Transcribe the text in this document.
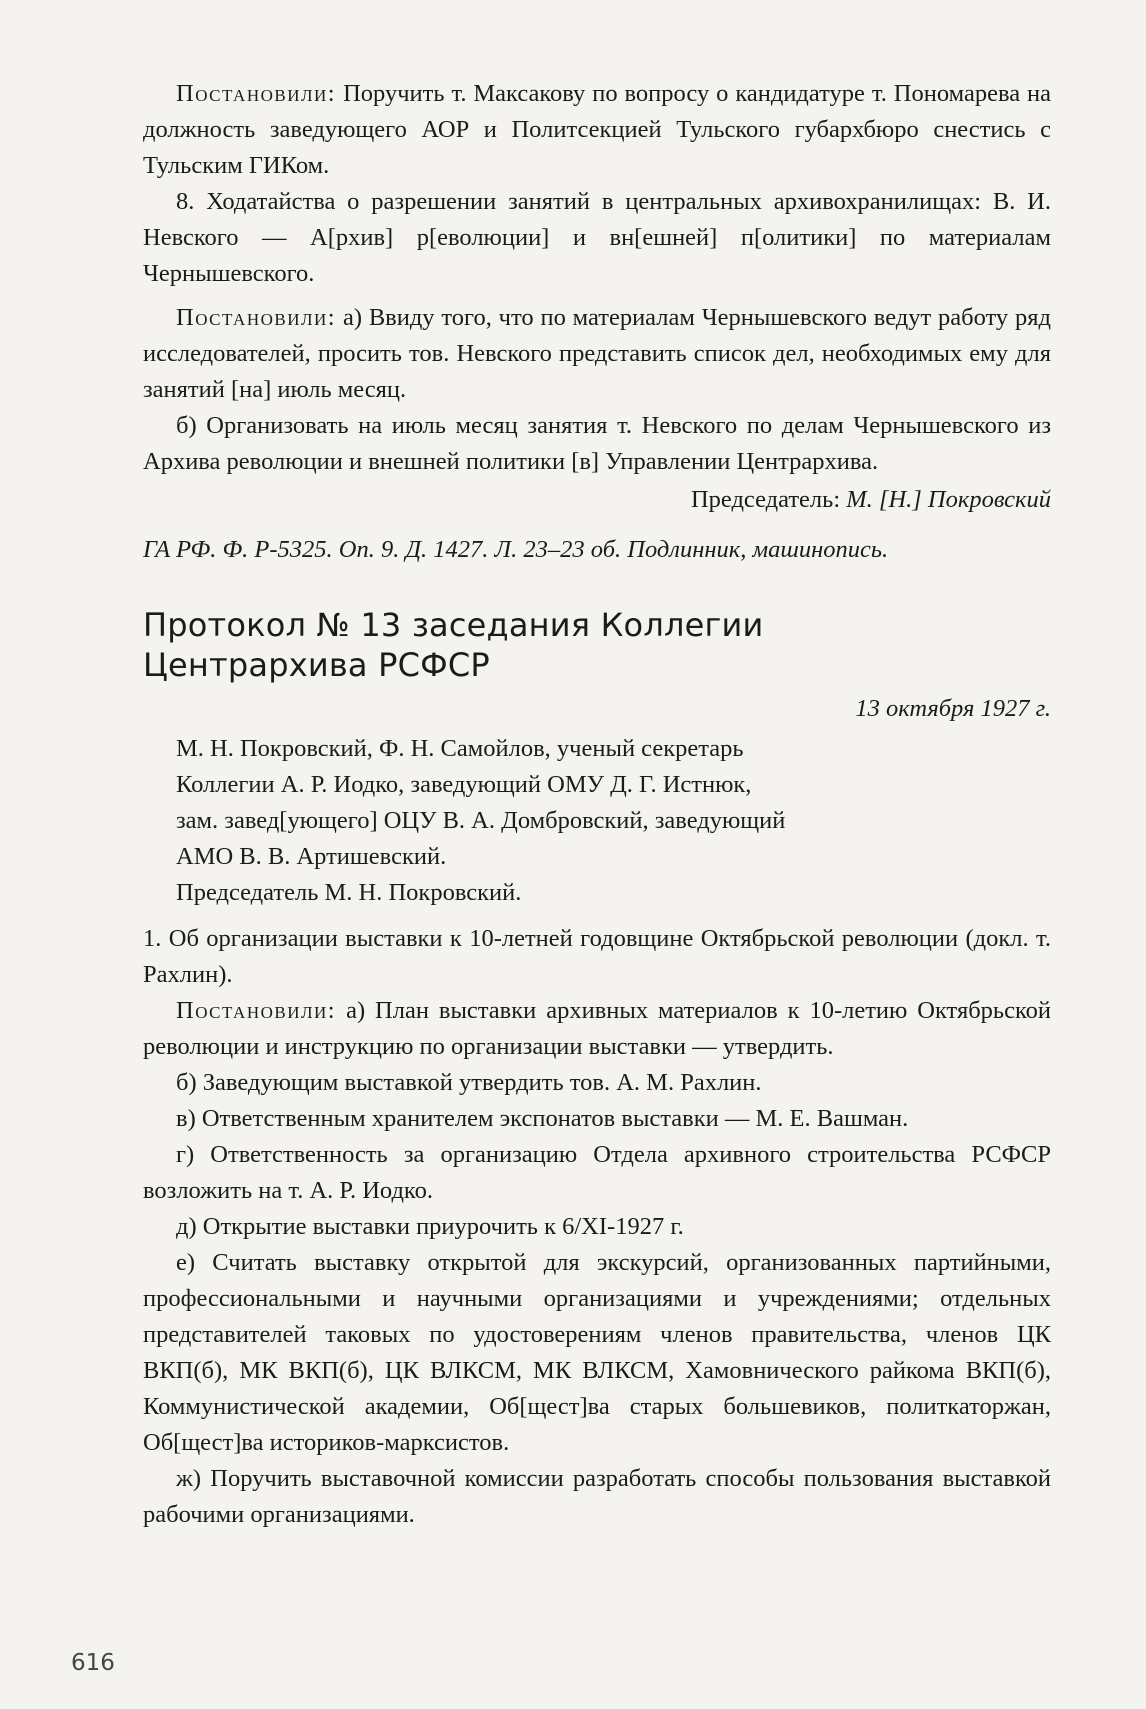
Постановили: Поручить т. Максакову по вопросу о кандидатуре т. Пономарева на должность заведующего АОР и Политсекцией Тульского губархбюро снестись с Тульским ГИКом.

8. Ходатайства о разрешении занятий в центральных архивохранилищах: В. И. Невского — А[рхив] р[еволюции] и вн[ешней] п[олитики] по материалам Чернышевского.

Постановили: а) Ввиду того, что по материалам Чернышевского ведут работу ряд исследователей, просить тов. Невского представить список дел, необходимых ему для занятий [на] июль месяц.

б) Организовать на июль месяц занятия т. Невского по делам Чернышевского из Архива революции и внешней политики [в] Управлении Центрархива.

Председатель: М. [Н.] Покровский

ГА РФ. Ф. Р-5325. Оп. 9. Д. 1427. Л. 23–23 об. Подлинник, машинопись.

Протокол № 13 заседания Коллегии
Центрархива РСФСР

13 октября 1927 г.

М. Н. Покровский, Ф. Н. Самойлов, ученый секретарь

Коллегии А. Р. Иодко, заведующий ОМУ Д. Г. Истнюк,

зам. завед[ующего] ОЦУ В. А. Домбровский, заведующий

АМО В. В. Артишевский.

Председатель М. Н. Покровский.

1. Об организации выставки к 10-летней годовщине Октябрьской революции (докл. т. Рахлин).

Постановили: а) План выставки архивных материалов к 10-летию Октябрьской революции и инструкцию по организации выставки — утвердить.

б) Заведующим выставкой утвердить тов. А. М. Рахлин.

в) Ответственным хранителем экспонатов выставки — М. Е. Вашман.

г) Ответственность за организацию Отдела архивного строительства РСФСР возложить на т. А. Р. Иодко.

д) Открытие выставки приурочить к 6/XI-1927 г.

е) Считать выставку открытой для экскурсий, организованных партийными, профессиональными и научными организациями и учреждениями; отдельных представителей таковых по удостоверениям членов правительства, членов ЦК ВКП(б), МК ВКП(б), ЦК ВЛКСМ, МК ВЛКСМ, Хамовнического райкома ВКП(б), Коммунистической академии, Об[щест]ва старых большевиков, политкаторжан, Об[щест]ва историков-марксистов.

ж) Поручить выставочной комиссии разработать способы пользования выставкой рабочими организациями.

616
